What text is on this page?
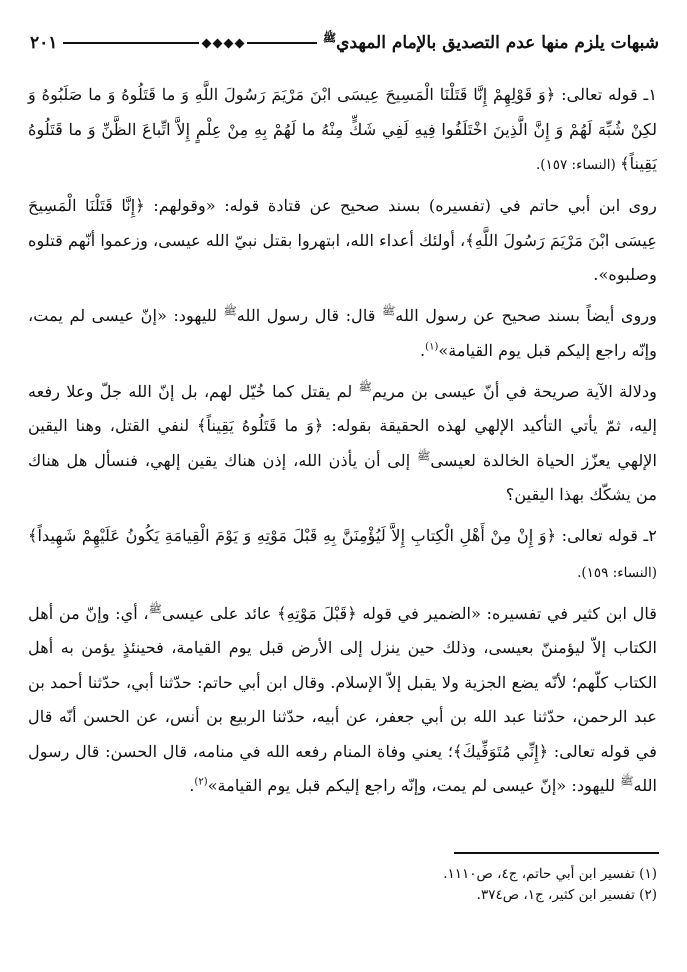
شبهات يلزم منها عدم التصديق بالإمام المهدي$^ﷺ$
٢٠١

١ـ قوله تعالى: ﴿وَ قَوْلِهِمْ إِنَّا قَتَلْنَا الْمَسِيحَ عِيسَى ابْنَ مَرْيَمَ رَسُولَ اللَّهِ وَ ما قَتَلُوهُ وَ ما صَلَبُوهُ وَ لكِنْ شُبِّهَ لَهُمْ وَ إِنَّ الَّذِينَ اخْتَلَفُوا فِيهِ لَفِي شَكٍّ مِنْهُ ما لَهُمْ بِهِ مِنْ عِلْمٍ إِلاَّ اتِّباعَ الظَّنِّ وَ ما قَتَلُوهُ يَقِيناً﴾ (النساء: ١٥٧).

روى ابن أبي حاتم في (تفسيره) بسند صحيح عن قتادة قوله: «وقولهم: ﴿إِنَّا قَتَلْنَا الْمَسِيحَ عِيسَى ابْنَ مَرْيَمَ رَسُولَ اللَّهِ﴾، أولئك أعداء الله، ابتهروا بقتل نبيّ الله عيسى، وزعموا أنّهم قتلوه وصلبوه».

وروى أيضاً بسند صحيح عن رسول الله$^ﷺ$ قال: قال رسول الله$^ﷺ$ لليهود: «إنّ عيسى لم يمت، وإنّه راجع إليكم قبل يوم القيامة»$^{(١)}$.

ودلالة الآية صريحة في أنّ عيسى بن مريم$^ﷺ$ لم يقتل كما خُيّل لهم، بل إنّ الله جلّ وعلا رفعه إليه، ثمّ يأتي التأكيد الإلهي لهذه الحقيقة بقوله: ﴿وَ ما قَتَلُوهُ يَقِيناً﴾ لنفي القتل، وهنا اليقين الإلهي يعزّز الحياة الخالدة لعيسى$^ﷺ$ إلى أن يأذن الله، إذن هناك يقين إلهي، فنسأل هل هناك من يشكّك بهذا اليقين؟

٢ـ قوله تعالى: ﴿وَ إِنْ مِنْ أَهْلِ الْكِتابِ إِلاَّ لَيُؤْمِنَنَّ بِهِ قَبْلَ مَوْتِهِ وَ يَوْمَ الْقِيامَةِ يَكُونُ عَلَيْهِمْ شَهِيداً﴾ (النساء: ١٥٩).

قال ابن كثير في تفسيره: «الضمير في قوله ﴿قَبْلَ مَوْتِهِ﴾ عائد على عيسى$^ﷺ$، أي: وإنّ من أهل الكتاب إلاّ ليؤمننّ بعيسى، وذلك حين ينزل إلى الأرض قبل يوم القيامة، فحينئذٍ يؤمن به أهل الكتاب كلّهم؛ لأنّه يضع الجزية ولا يقبل إلاّ الإسلام. وقال ابن أبي حاتم: حدّثنا أبي، حدّثنا أحمد بن عبد الرحمن، حدّثنا عبد الله بن أبي جعفر، عن أبيه، حدّثنا الربيع بن أنس، عن الحسن أنّه قال في قوله تعالى: ﴿إِنِّي مُتَوَفِّيكَ﴾؛ يعني وفاة المنام رفعه الله في منامه، قال الحسن: قال رسول الله$^ﷺ$ لليهود: «إنّ عيسى لم يمت، وإنّه راجع إليكم قبل يوم القيامة»$^{(٢)}$.

(١) تفسير ابن أبي حاتم، ج٤، ص١١١٠.
(٢) تفسير ابن كثير، ج١، ص٣٧٤.
